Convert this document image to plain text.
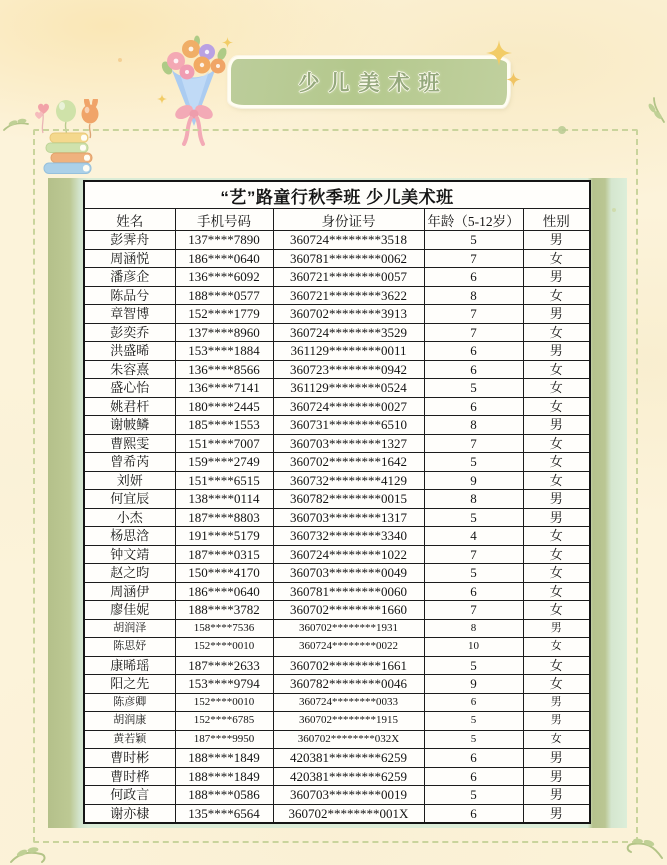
少儿美术班
“艺”路童行秋季班 少儿美术班				
姓名	手机号码	身份证号	年龄（5-12岁）	性别
彭霁舟	137****7890	360724********3518	5	男
周涵悦	186****0640	360781********0062	7	女
潘彦企	136****6092	360721********0057	6	男
陈品兮	188****0577	360721********3622	8	女
章智博	152****1779	360702********3913	7	男
彭奕乔	137****8960	360724********3529	7	女
洪盛晞	153****1884	361129********0011	6	男
朱容熹	136****8566	360723********0942	6	女
盛心怡	136****7141	361129********0524	5	女
姚君杆	180****2445	360724********0027	6	女
谢帔鳞	185****1553	360731********6510	8	男
曹熙雯	151****7007	360703********1327	7	女
曾希芮	159****2749	360702********1642	5	女
刘妍	151****6515	360732********4129	9	女
何宜辰	138****0114	360782********0015	8	男
小杰	187****8803	360703********1317	5	男
杨思浛	191****5179	360732********3340	4	女
钟文靖	187****0315	360724********1022	7	女
赵之昀	150****4170	360703********0049	5	女
周涵伊	186****0640	360781********0060	6	女
廖佳妮	188****3782	360702********1660	7	女
胡润泽	158****7536	360702********1931	8	男
陈思妤	152****0010	360724********0022	10	女
康晞瑶	187****2633	360702********1661	5	女
阳之先	153****9794	360782********0046	9	女
陈彦卿	152****0010	360724********0033	6	男
胡润康	152****6785	360702********1915	5	男
黄若颖	187****9950	360702********032X	5	女
曹时彬	188****1849	420381********6259	6	男
曹时桦	188****1849	420381********6259	6	男
何政言	188****0586	360703********0019	5	男
谢亦棣	135****6564	360702********001X	6	男
